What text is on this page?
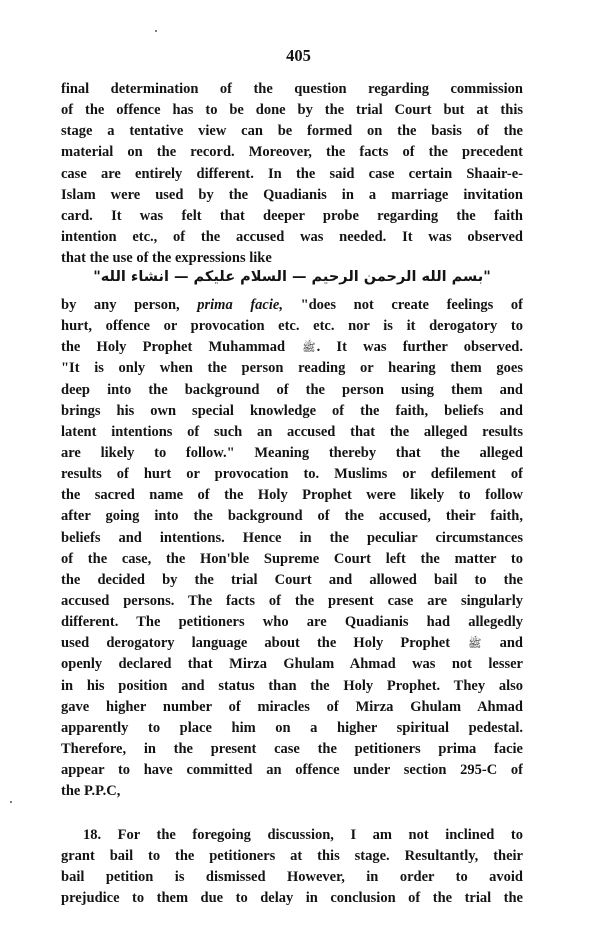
405
final determination of the question regarding commission
of the offence has to be done by the trial Court but at this
stage a tentative view can be formed on the basis of the
material on the record. Moreover, the facts of the precedent
case are entirely different. In the said case certain Shaair-e-
Islam were used by the Quadianis in a marriage invitation
card. It was felt that deeper probe regarding the faith
intention etc., of the accused was needed. It was observed
that the use of the expressions like
"بسم الله الرحمن الرحيم — السلام عليكم — انشاء الله"
by any person, prima facie, "does not create feelings of
hurt, offence or provocation etc. etc. nor is it derogatory to
the Holy Prophet Muhammad ﷺ. It was further observed.
"It is only when the person reading or hearing them goes
deep into the background of the person using them and
brings his own special knowledge of the faith, beliefs and
latent intentions of such an accused that the alleged results
are likely to follow." Meaning thereby that the alleged
results of hurt or provocation to. Muslims or defilement of
the sacred name of the Holy Prophet were likely to follow
after going into the background of the accused, their faith,
beliefs and intentions. Hence in the peculiar circumstances
of the case, the Hon'ble Supreme Court left the matter to
the decided by the trial Court and allowed bail to the
accused persons. The facts of the present case are singularly
different. The petitioners who are Quadianis had allegedly
used derogatory language about the Holy Prophet ﷺ and
openly declared that Mirza Ghulam Ahmad was not lesser
in his position and status than the Holy Prophet. They also
gave higher number of miracles of Mirza Ghulam Ahmad
apparently to place him on a higher spiritual pedestal.
Therefore, in the present case the petitioners prima facie
appear to have committed an offence under section 295-C of
the P.P.C,
18. For the foregoing discussion, I am not inclined to
grant bail to the petitioners at this stage. Resultantly, their
bail petition is dismissed However, in order to avoid
prejudice to them due to delay in conclusion of the trial the
